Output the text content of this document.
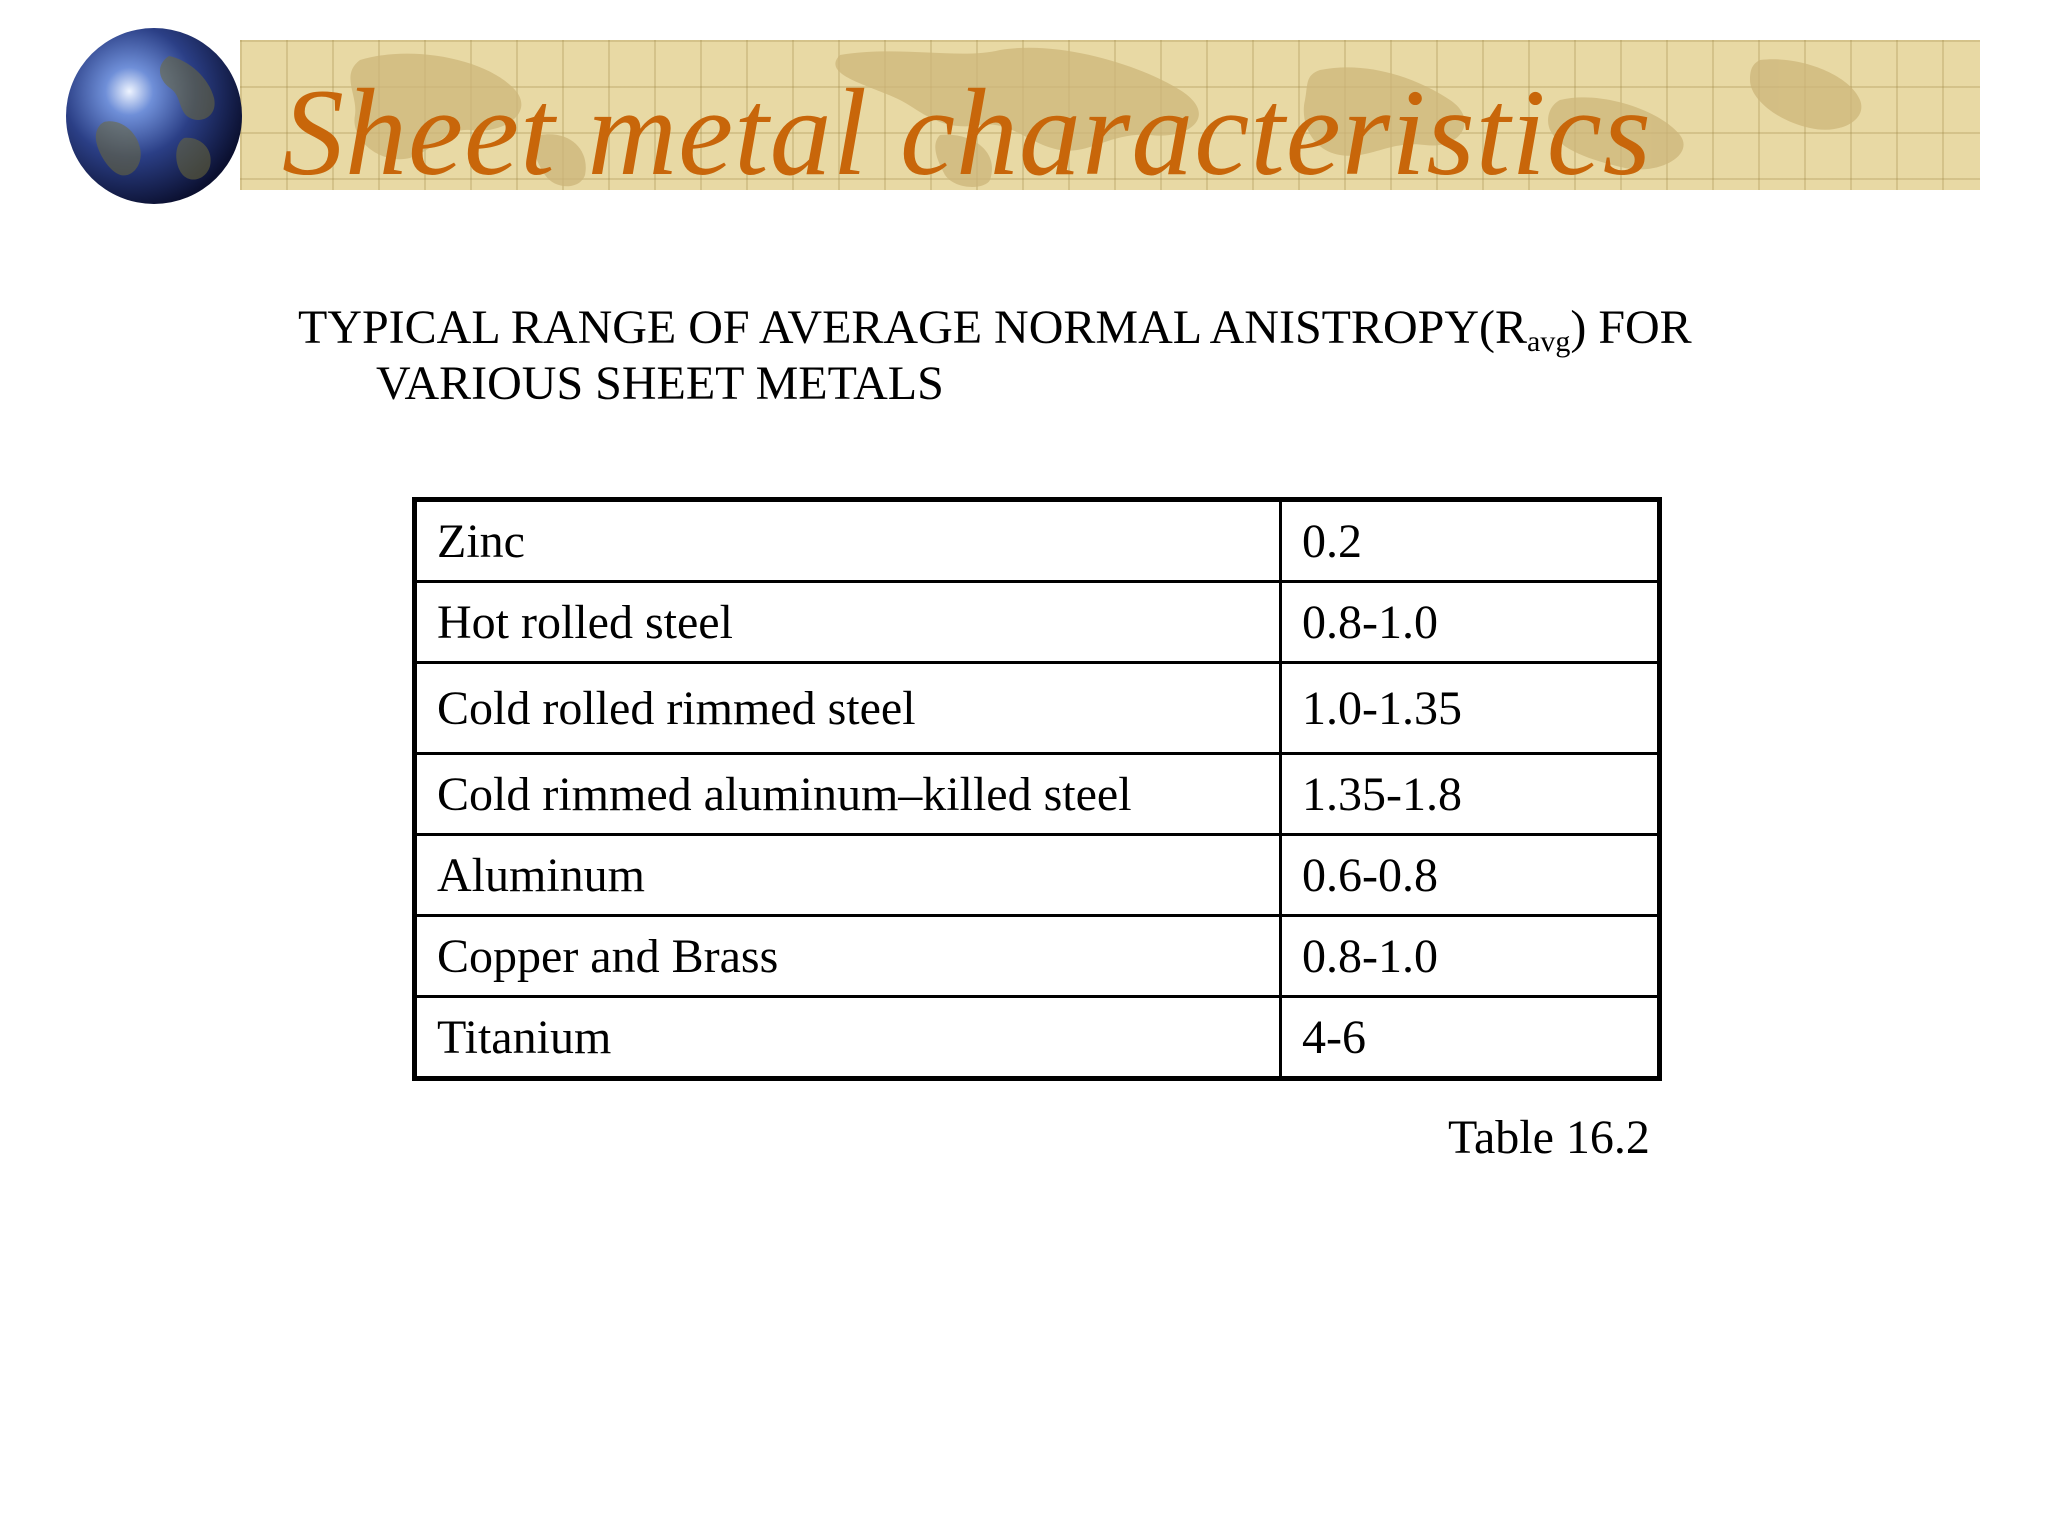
Sheet metal characteristics
TYPICAL RANGE OF AVERAGE NORMAL $ANISTROPY(R_{avg})$ FOR
VARIOUS SHEET METALS
Zinc	0.2
Hot rolled steel	0.8-1.0
Cold rolled rimmed steel	1.0-1.35
Cold rimmed aluminum–killed steel	1.35-1.8
Aluminum	0.6-0.8
Copper and Brass	0.8-1.0
Titanium	4-6
Table 16.2
